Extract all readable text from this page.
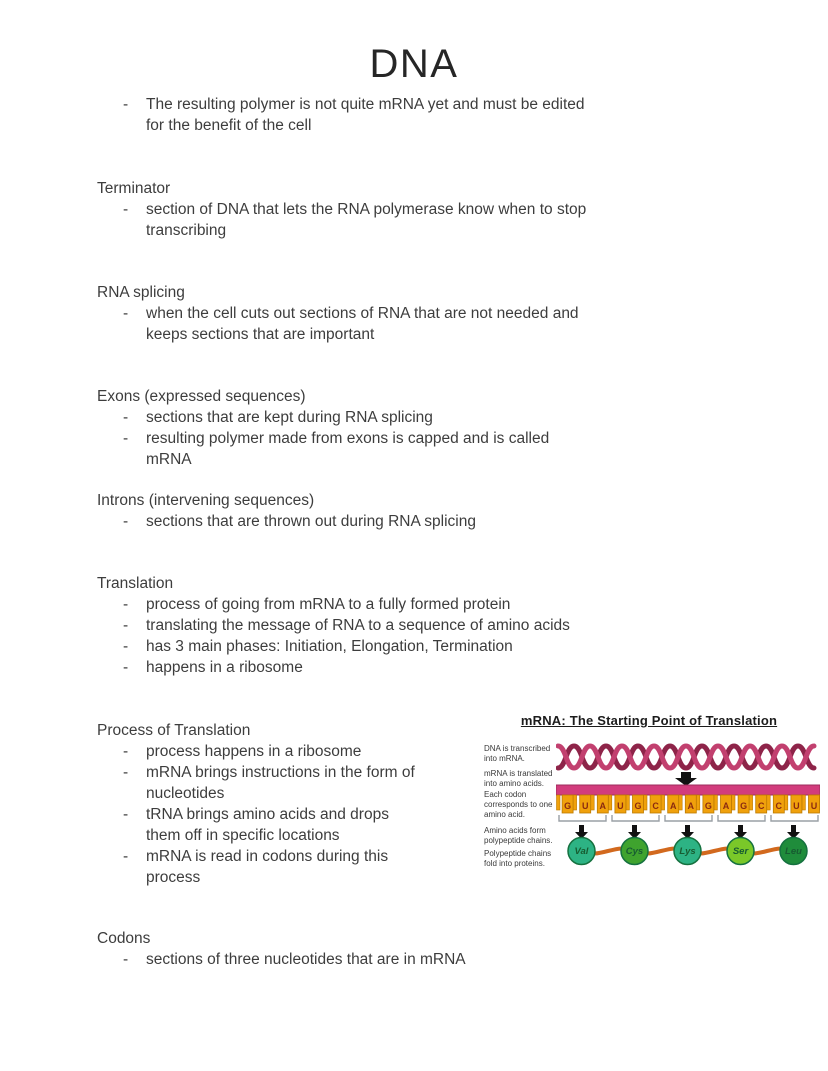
DNA
- The resulting polymer is not quite mRNA yet and must be edited for the benefit of the cell
Terminator
- section of DNA that lets the RNA polymerase know when to stop transcribing
RNA splicing
- when the cell cuts out sections of RNA that are not needed and keeps sections that are important
Exons (expressed sequences)
- sections that are kept during RNA splicing
- resulting polymer made from exons is capped and is called mRNA
Introns (intervening sequences)
- sections that are thrown out during RNA splicing
Translation
- process of going from mRNA to a fully formed protein
- translating the message of RNA to a sequence of amino acids
- has 3 main phases: Initiation, Elongation, Termination
- happens in a ribosome
Process of Translation
- process happens in a ribosome
- mRNA brings instructions in the form of nucleotides
- tRNA brings amino acids and drops them off in specific locations
- mRNA is read in codons during this process
Codons
- sections of three nucleotides that are in mRNA
mRNA: The Starting Point of Translation
DNA is transcribed into mRNA.
mRNA is translated into amino acids.
Each codon corresponds to one amino acid.
Amino acids form polypeptide chains.
Polypeptide chains fold into proteins.
G U A U G C A A G A G C C U U
Val	Cys	Lys	Ser	Leu
